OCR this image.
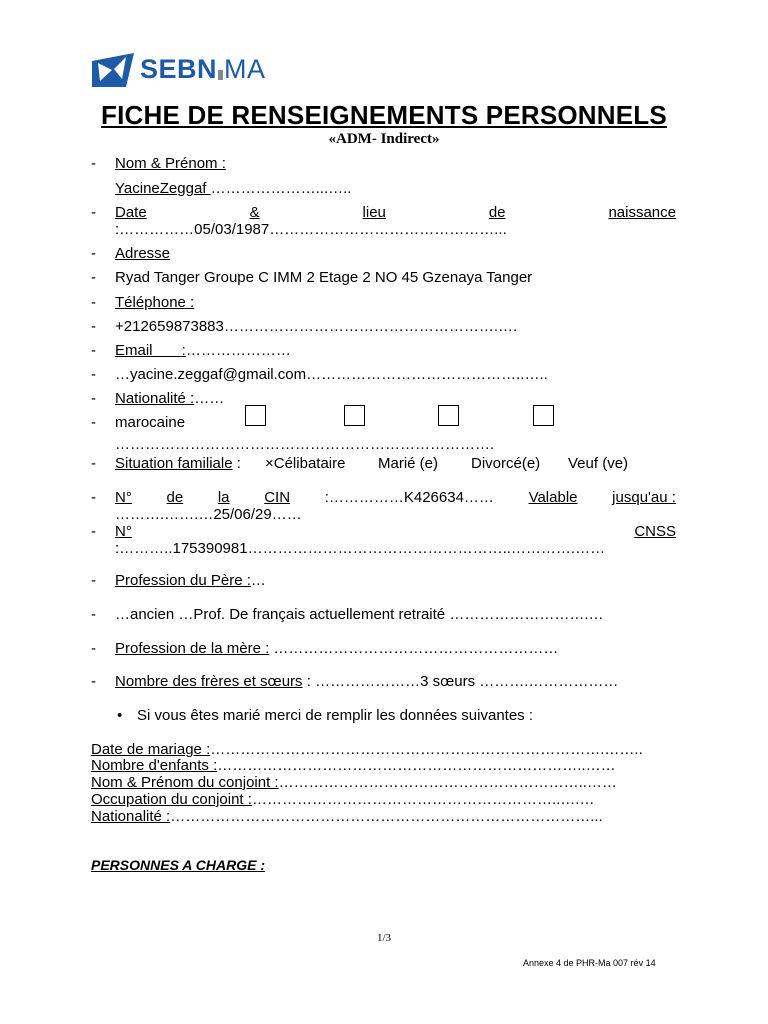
SEBN MA
FICHE DE RENSEIGNEMENTS PERSONNELS
«ADM- Indirect»
-
-
-
-
-
-
-
-
-
-
-
-
-
-
-
-
-
Nom & Prénom :
YacineZeggaf …………………...…..
Date	&	lieu	de	naissance
:……………05/03/1987………………………………………...
Adresse
Ryad Tanger Groupe C IMM 2 Etage 2 NO 45 Gzenaya Tanger
Téléphone :
+212659873883……………………………………………….….
Email       :…………………
…yacine.zeggaf@gmail.com……………………………………..…..
Nationalité :……
marocaine
………………………………………………………………….
Situation familiale : ×Célibataire Marié (e) Divorcé(e) Veuf (ve)
N° de la CIN :……………K426634…… Valable jusqu'au :
……….…….…25/06/29……
N°	CNSS
:………..175390981……………………………………………..………….……
Profession du Père :…
…ancien …Prof. De français actuellement retraité ……………………….…
Profession de la mère : …………………………………………………
Nombre des frères et sœurs : …………………3 sœurs ……….………………
• Si vous êtes marié merci de remplir les données suivantes :
Date de mariage :…………………………………………………………………….……..
Nombre d'enfants :………………………………………………………………..……
Nom & Prénom du conjoint :……………………………………………………..……
Occupation du conjoint :……………………………………………………..….…
Nationalité :…………………………………………………………………………...
PERSONNES A CHARGE :
1/3
Annexe 4 de PHR-Ma 007 rév 14
